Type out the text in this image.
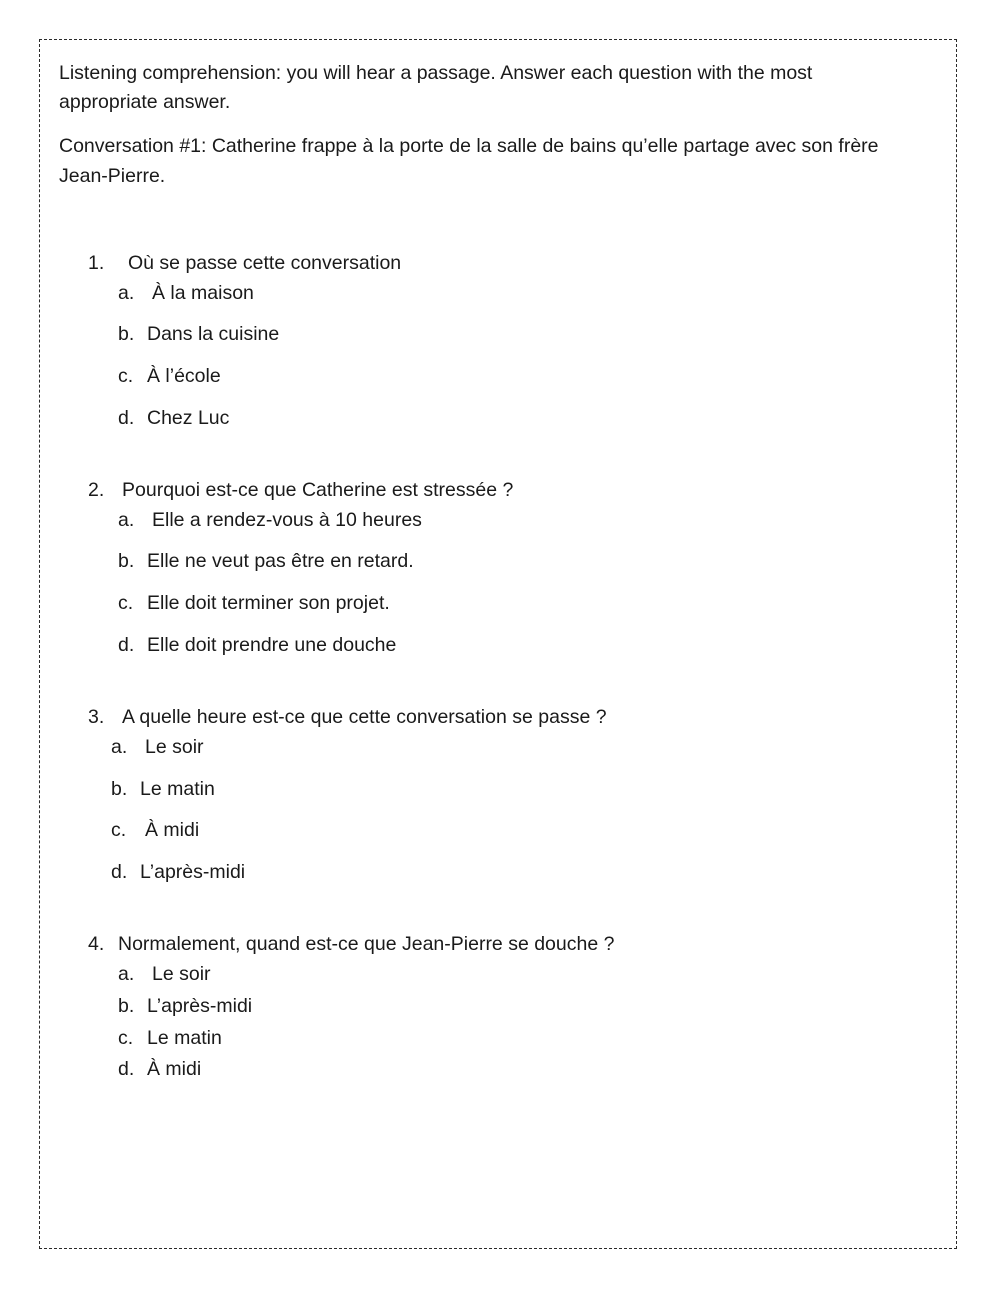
Listening comprehension: you will hear a passage. Answer each question with the most
appropriate answer.
Conversation #1: Catherine frappe à la porte de la salle de bains qu’elle partage avec son frère
Jean-Pierre.
1. Où se passe cette conversation
a. À la maison
b. Dans la cuisine
c. À l’école
d. Chez Luc
2. Pourquoi est-ce que Catherine est stressée ?
a. Elle a rendez-vous à 10 heures
b. Elle ne veut pas être en retard.
c. Elle doit terminer son projet.
d. Elle doit prendre une douche
3. A quelle heure est-ce que cette conversation se passe ?
a. Le soir
b. Le matin
c. À midi
d. L’après-midi
4. Normalement, quand est-ce que Jean-Pierre se douche ?
a. Le soir
b. L’après-midi
c. Le matin
d. À midi
